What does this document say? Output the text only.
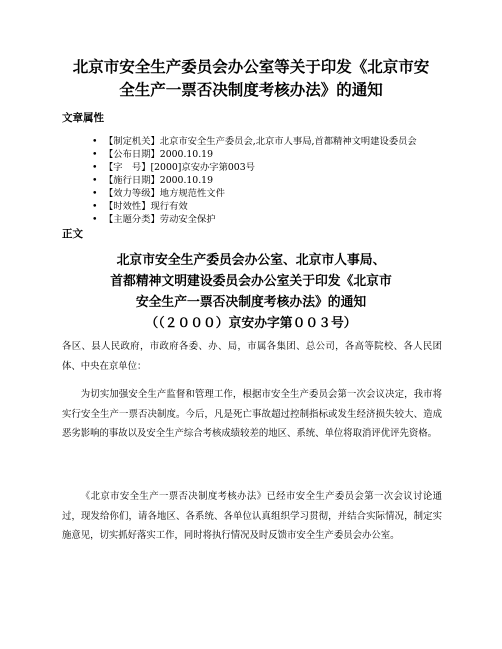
北京市安全生产委员会办公室等关于印发《北京市安
全生产一票否决制度考核办法》的通知
文章属性
• 【制定机关】北京市安全生产委员会,北京市人事局,首都精神文明建设委员会
• 【公布日期】2000.10.19
• 【字　号】[2000]京安办字第003号
• 【施行日期】2000.10.19
• 【效力等级】地方规范性文件
• 【时效性】现行有效
• 【主题分类】劳动安全保护
正文
北京市安全生产委员会办公室、北京市人事局、
首都精神文明建设委员会办公室关于印发《北京市
安全生产一票否决制度考核办法》的通知
（（２０００）京安办字第００３号）
各区、县人民政府，市政府各委、办、局，市属各集团、总公司，各高等院校、各人民团体、中央在京单位：
为切实加强安全生产监督和管理工作，根据市安全生产委员会第一次会议决定，我市将实行安全生产一票否决制度。今后，凡是死亡事故超过控制指标或发生经济损失较大、造成恶劣影响的事故以及安全生产综合考核成绩较差的地区、系统、单位将取消评优评先资格。
《北京市安全生产一票否决制度考核办法》已经市安全生产委员会第一次会议讨论通过，现发给你们，请各地区、各系统、各单位认真组织学习贯彻，并结合实际情况，制定实施意见，切实抓好落实工作，同时将执行情况及时反馈市安全生产委员会办公室。
